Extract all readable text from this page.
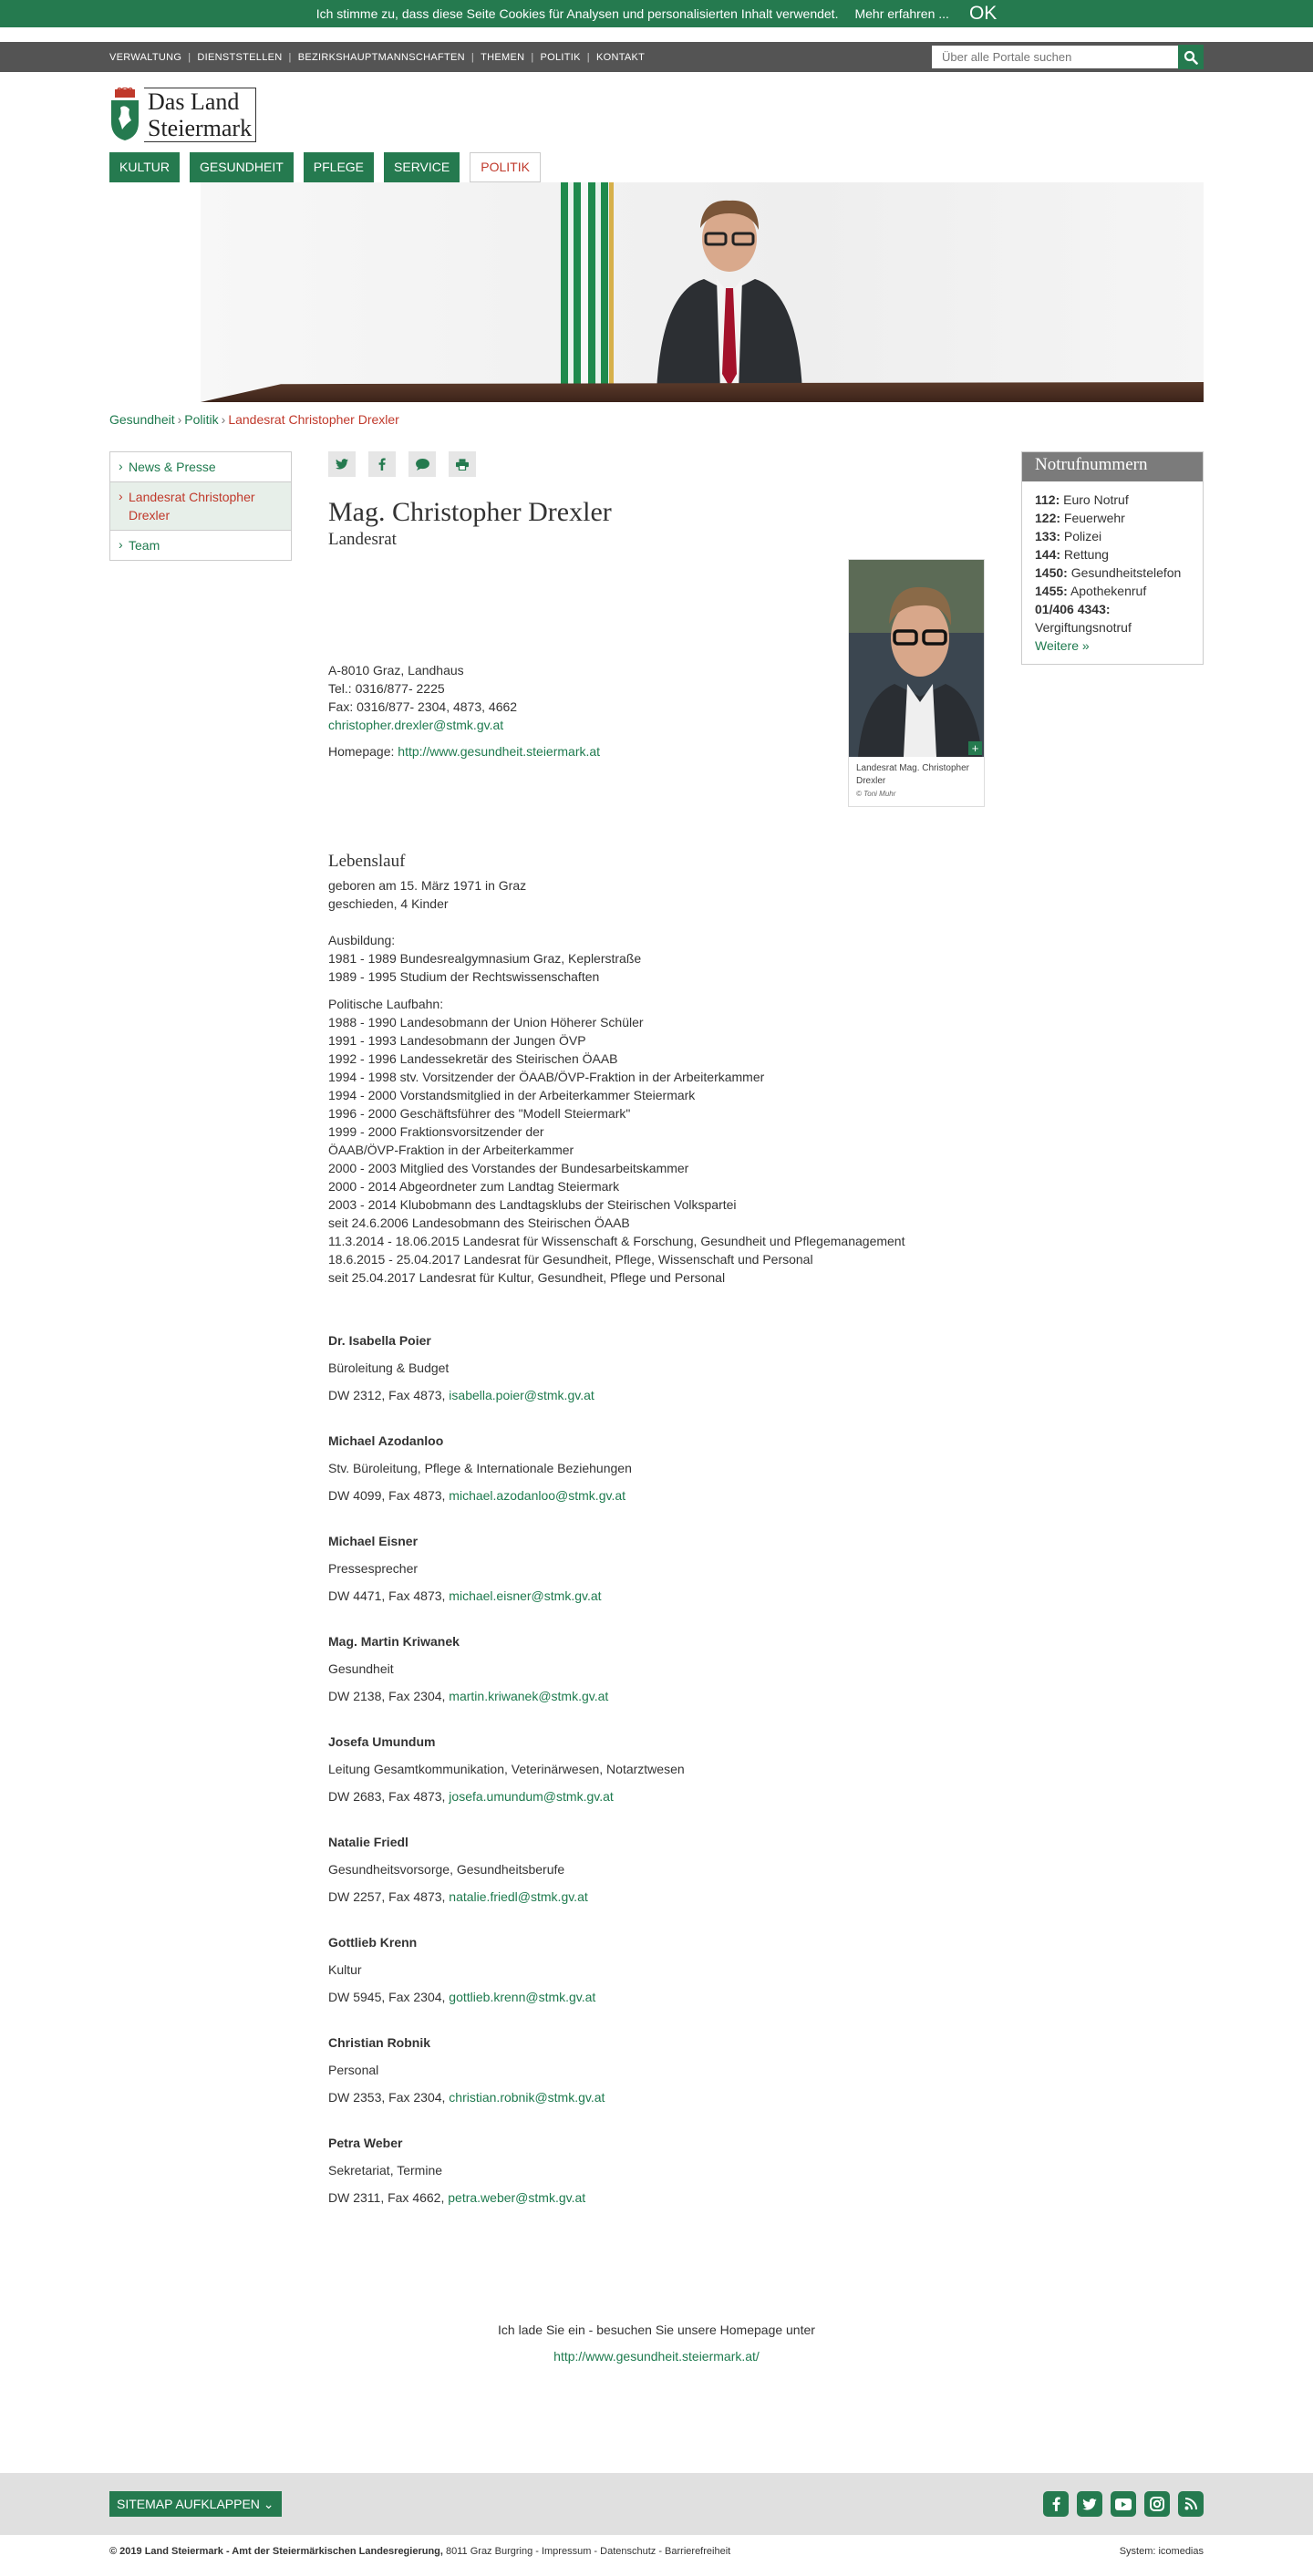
Ich stimme zu, dass diese Seite Cookies für Analysen und personalisierten Inhalt verwendet. Mehr erfahren ... OK
VERWALTUNG | DIENSTSTELLEN | BEZIRKSHAUPTMANNSCHAFTEN | THEMEN | POLITIK | KONTAKT
Über alle Portale suchen
Das Land
Steiermark
KULTUR	GESUNDHEIT	PFLEGE	SERVICE	POLITIK
Gesundheit › Politik › Landesrat Christopher Drexler
› News & Presse
› Landesrat Christopher Drexler
› Team
Mag. Christopher Drexler
Landesrat
+
Landesrat Mag. Christopher Drexler
© Toni Muhr
A-8010 Graz, Landhaus
Tel.: 0316/877- 2225
Fax: 0316/877- 2304, 4873, 4662
christopher.drexler@stmk.gv.at
Homepage: http://www.gesundheit.steiermark.at
Lebenslauf
geboren am 15. März 1971 in Graz
geschieden, 4 Kinder
Ausbildung:
1981 - 1989 Bundesrealgymnasium Graz, Keplerstraße
1989 - 1995 Studium der Rechtswissenschaften
Politische Laufbahn:
1988 - 1990 Landesobmann der Union Höherer Schüler
1991 - 1993 Landesobmann der Jungen ÖVP
1992 - 1996 Landessekretär des Steirischen ÖAAB
1994 - 1998 stv. Vorsitzender der ÖAAB/ÖVP-Fraktion in der Arbeiterkammer
1994 - 2000 Vorstandsmitglied in der Arbeiterkammer Steiermark
1996 - 2000 Geschäftsführer des "Modell Steiermark"
1999 - 2000 Fraktionsvorsitzender der
ÖAAB/ÖVP-Fraktion in der Arbeiterkammer
2000 - 2003 Mitglied des Vorstandes der Bundesarbeitskammer
2000 - 2014 Abgeordneter zum Landtag Steiermark
2003 - 2014 Klubobmann des Landtagsklubs der Steirischen Volkspartei
seit 24.6.2006 Landesobmann des Steirischen ÖAAB
11.3.2014 - 18.06.2015 Landesrat für Wissenschaft & Forschung, Gesundheit und Pflegemanagement
18.6.2015 - 25.04.2017 Landesrat für Gesundheit, Pflege, Wissenschaft und Personal
seit 25.04.2017 Landesrat für Kultur, Gesundheit, Pflege und Personal
Dr. Isabella Poier
Büroleitung & Budget
DW 2312, Fax 4873, isabella.poier@stmk.gv.at
Michael Azodanloo
Stv. Büroleitung, Pflege & Internationale Beziehungen
DW 4099, Fax 4873, michael.azodanloo@stmk.gv.at
Michael Eisner
Pressesprecher
DW 4471, Fax 4873, michael.eisner@stmk.gv.at
Mag. Martin Kriwanek
Gesundheit
DW 2138, Fax 2304, martin.kriwanek@stmk.gv.at
Josefa Umundum
Leitung Gesamtkommunikation, Veterinärwesen, Notarztwesen
DW 2683, Fax 4873, josefa.umundum@stmk.gv.at
Natalie Friedl
Gesundheitsvorsorge, Gesundheitsberufe
DW 2257, Fax 4873, natalie.friedl@stmk.gv.at
Gottlieb Krenn
Kultur
DW 5945, Fax 2304, gottlieb.krenn@stmk.gv.at
Christian Robnik
Personal
DW 2353, Fax 2304, christian.robnik@stmk.gv.at
Petra Weber
Sekretariat, Termine
DW 2311, Fax 4662, petra.weber@stmk.gv.at
Notrufnummern
112: Euro Notruf
122: Feuerwehr
133: Polizei
144: Rettung
1450: Gesundheitstelefon
1455: Apothekenruf
01/406 4343:
Vergiftungsnotruf
Weitere »
Ich lade Sie ein - besuchen Sie unsere Homepage unter
http://www.gesundheit.steiermark.at/
SITEMAP AUFKLAPPEN ⌄
© 2019 Land Steiermark - Amt der Steiermärkischen Landesregierung, 8011 Graz Burgring - Impressum - Datenschutz - Barrierefreiheit	System: icomedias
